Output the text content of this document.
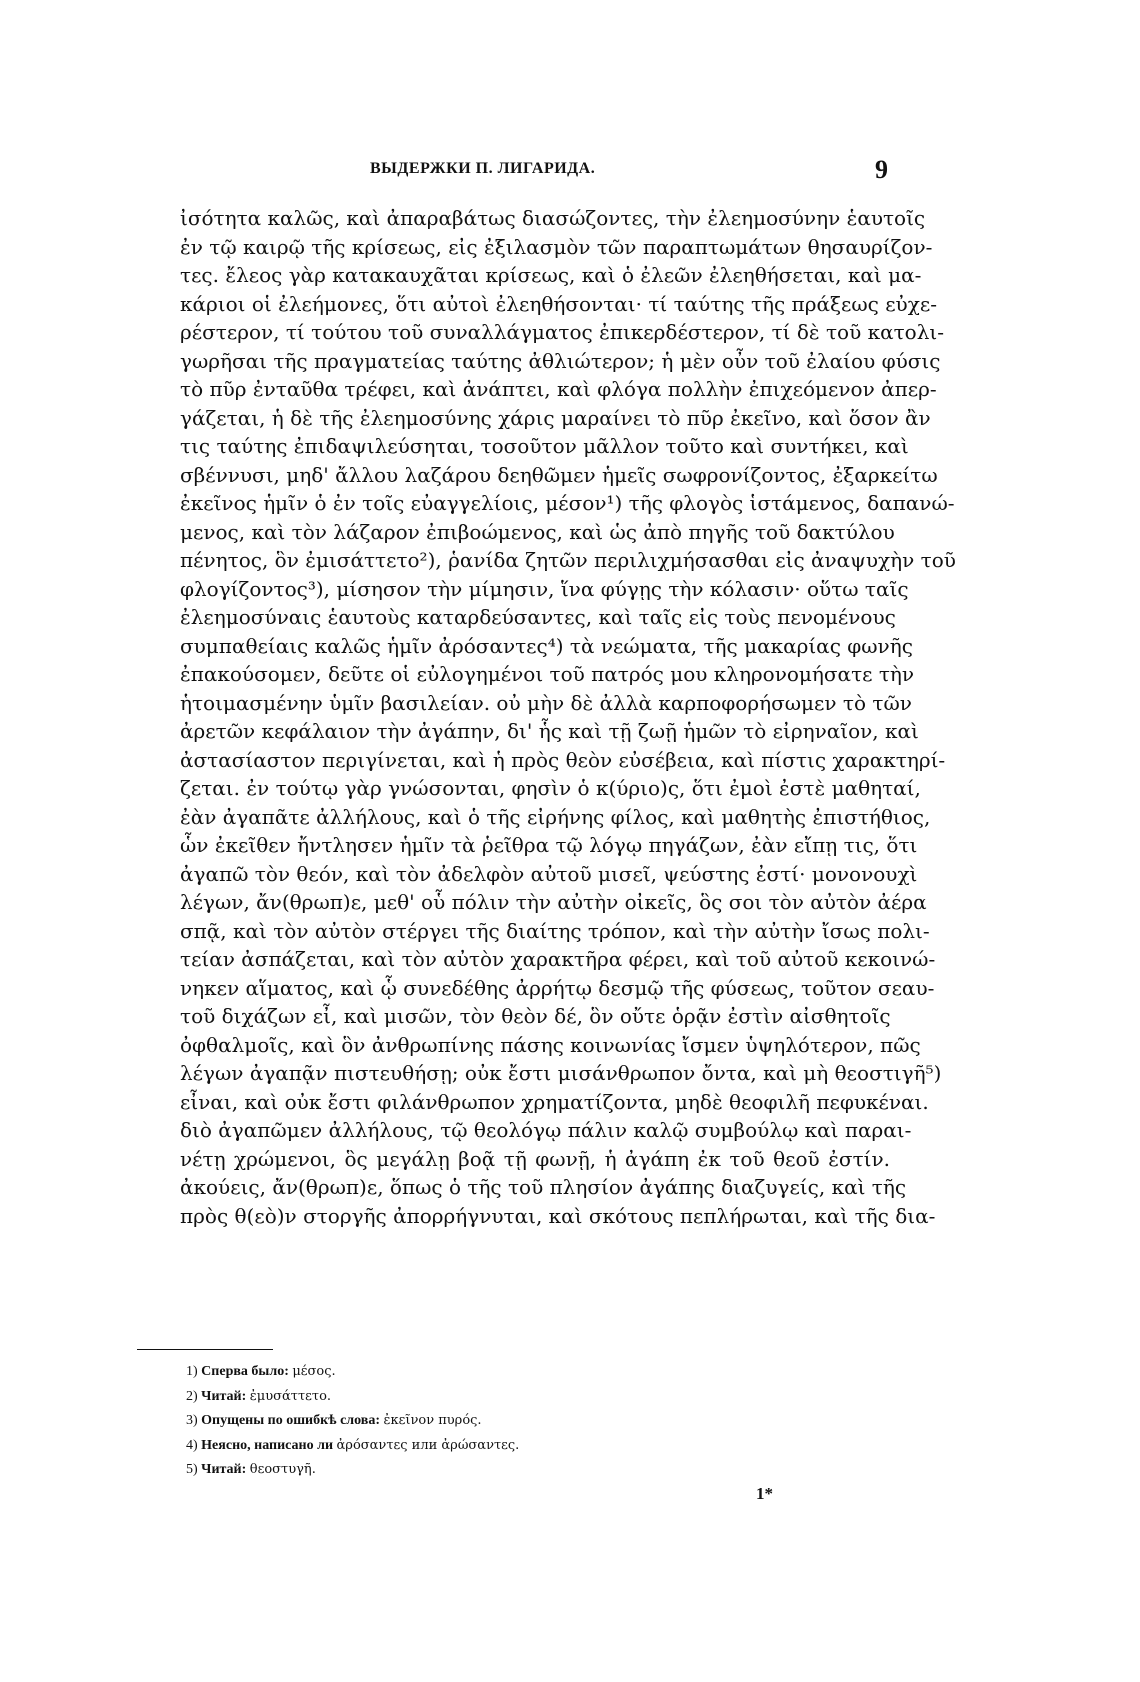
ВЫДЕРЖКИ П. ЛИГАРИДА.	9
ἰσότητα καλῶς, καὶ ἀπαραβάτως διασώζοντες, τὴν ἐλεημοσύνην ἑαυτοῖς
ἐν τῷ καιρῷ τῆς κρίσεως, εἰς ἐξιλασμὸν τῶν παραπτωμάτων θησαυρίζον-
τες. ἔλεος γὰρ κατακαυχᾶται κρίσεως, καὶ ὁ ἐλεῶν ἐλεηθήσεται, καὶ μα-
κάριοι οἱ ἐλεήμονες, ὅτι αὐτοὶ ἐλεηθήσονται· τί ταύτης τῆς πράξεως εὐχε-
ρέστερον, τί τούτου τοῦ συναλλάγματος ἐπικερδέστερον, τί δὲ τοῦ κατολι-
γωρῆσαι τῆς πραγματείας ταύτης ἀθλιώτερον; ἡ μὲν οὖν τοῦ ἐλαίου φύσις
τὸ πῦρ ἐνταῦθα τρέφει, καὶ ἀνάπτει, καὶ φλόγα πολλὴν ἐπιχεόμενον ἀπερ-
γάζεται, ἡ δὲ τῆς ἐλεημοσύνης χάρις μαραίνει τὸ πῦρ ἐκεῖνο, καὶ ὅσον ἂν
τις ταύτης ἐπιδαψιλεύσηται, τοσοῦτον μᾶλλον τοῦτο καὶ συντήκει, καὶ
σβέννυσι, μηδ' ἄλλου λαζάρου δεηθῶμεν ἡμεῖς σωφρονίζοντος, ἐξαρκείτω
ἐκεῖνος ἡμῖν ὁ ἐν τοῖς εὐαγγελίοις, μέσον¹) τῆς φλογὸς ἱστάμενος, δαπανώ-
μενος, καὶ τὸν λάζαρον ἐπιβοώμενος, καὶ ὡς ἀπὸ πηγῆς τοῦ δακτύλου
πένητος, ὃν ἐμισάττετο²), ῥανίδα ζητῶν περιλιχμήσασθαι εἰς ἀναψυχὴν τοῦ
φλογίζοντος³), μίσησον τὴν μίμησιν, ἵνα φύγῃς τὴν κόλασιν· οὕτω ταῖς
ἐλεημοσύναις ἑαυτοὺς καταρδεύσαντες, καὶ ταῖς εἰς τοὺς πενομένους
συμπαθείαις καλῶς ἡμῖν ἀρόσαντες⁴) τὰ νεώματα, τῆς μακαρίας φωνῆς
ἐπακούσομεν, δεῦτε οἱ εὐλογημένοι τοῦ πατρός μου κληρονομήσατε τὴν
ἡτοιμασμένην ὑμῖν βασιλείαν. οὐ μὴν δὲ ἀλλὰ καρποφορήσωμεν τὸ τῶν
ἀρετῶν κεφάλαιον τὴν ἀγάπην, δι' ἧς καὶ τῇ ζωῇ ἡμῶν τὸ εἰρηναῖον, καὶ
ἀστασίαστον περιγίνεται, καὶ ἡ πρὸς θεὸν εὐσέβεια, καὶ πίστις χαρακτηρί-
ζεται. ἐν τούτῳ γὰρ γνώσονται, φησὶν ὁ κ(ύριο)ς, ὅτι ἐμοὶ ἐστὲ μαθηταί,
ἐὰν ἀγαπᾶτε ἀλλήλους, καὶ ὁ τῆς εἰρήνης φίλος, καὶ μαθητὴς ἐπιστήθιος,
ὧν ἐκεῖθεν ἤντλησεν ἡμῖν τὰ ῥεῖθρα τῷ λόγῳ πηγάζων, ἐὰν εἴπῃ τις, ὅτι
ἀγαπῶ τὸν θεόν, καὶ τὸν ἀδελφὸν αὐτοῦ μισεῖ, ψεύστης ἐστί· μονονουχὶ
λέγων, ἄν(θρωπ)ε, μεθ' οὗ πόλιν τὴν αὐτὴν οἰκεῖς, ὃς σοι τὸν αὐτὸν ἀέρα
σπᾷ, καὶ τὸν αὐτὸν στέργει τῆς διαίτης τρόπον, καὶ τὴν αὐτὴν ἴσως πολι-
τείαν ἀσπάζεται, καὶ τὸν αὐτὸν χαρακτῆρα φέρει, καὶ τοῦ αὐτοῦ κεκοινώ-
νηκεν αἵματος, καὶ ᾧ συνεδέθης ἀρρήτῳ δεσμῷ τῆς φύσεως, τοῦτον σεαυ-
τοῦ διχάζων εἶ, καὶ μισῶν, τὸν θεὸν δέ, ὃν οὔτε ὁρᾷν ἐστὶν αἰσθητοῖς
ὀφθαλμοῖς, καὶ ὃν ἀνθρωπίνης πάσης κοινωνίας ἴσμεν ὑψηλότερον, πῶς
λέγων ἀγαπᾷν πιστευθήσῃ; οὐκ ἔστι μισάνθρωπον ὄντα, καὶ μὴ θεοστιγῆ⁵)
εἶναι, καὶ οὐκ ἔστι φιλάνθρωπον χρηματίζοντα, μηδὲ θεοφιλῆ πεφυκέναι.
διὸ ἀγαπῶμεν ἀλλήλους, τῷ θεολόγῳ πάλιν καλῷ συμβούλῳ καὶ παραι-
νέτῃ χρώμενοι, ὃς μεγάλῃ βοᾷ τῇ φωνῇ, ἡ ἀγάπη ἐκ τοῦ θεοῦ ἐστίν.
ἀκούεις, ἄν(θρωπ)ε, ὅπως ὁ τῆς τοῦ πλησίον ἀγάπης διαζυγείς, καὶ τῆς
πρὸς θ(εὸ)ν στοργῆς ἀπορρήγνυται, καὶ σκότους πεπλήρωται, καὶ τῆς δια-
1) Сперва было: μέσος.
2) Читай: ἐμυσάττετο.
3) Опущены по ошибкѣ слова: ἐκεῖνον πυρός.
4) Неясно, написано ли ἀρόσαντες или ἀρώσαντες.
5) Читай: θεοστυγῆ.
1*
